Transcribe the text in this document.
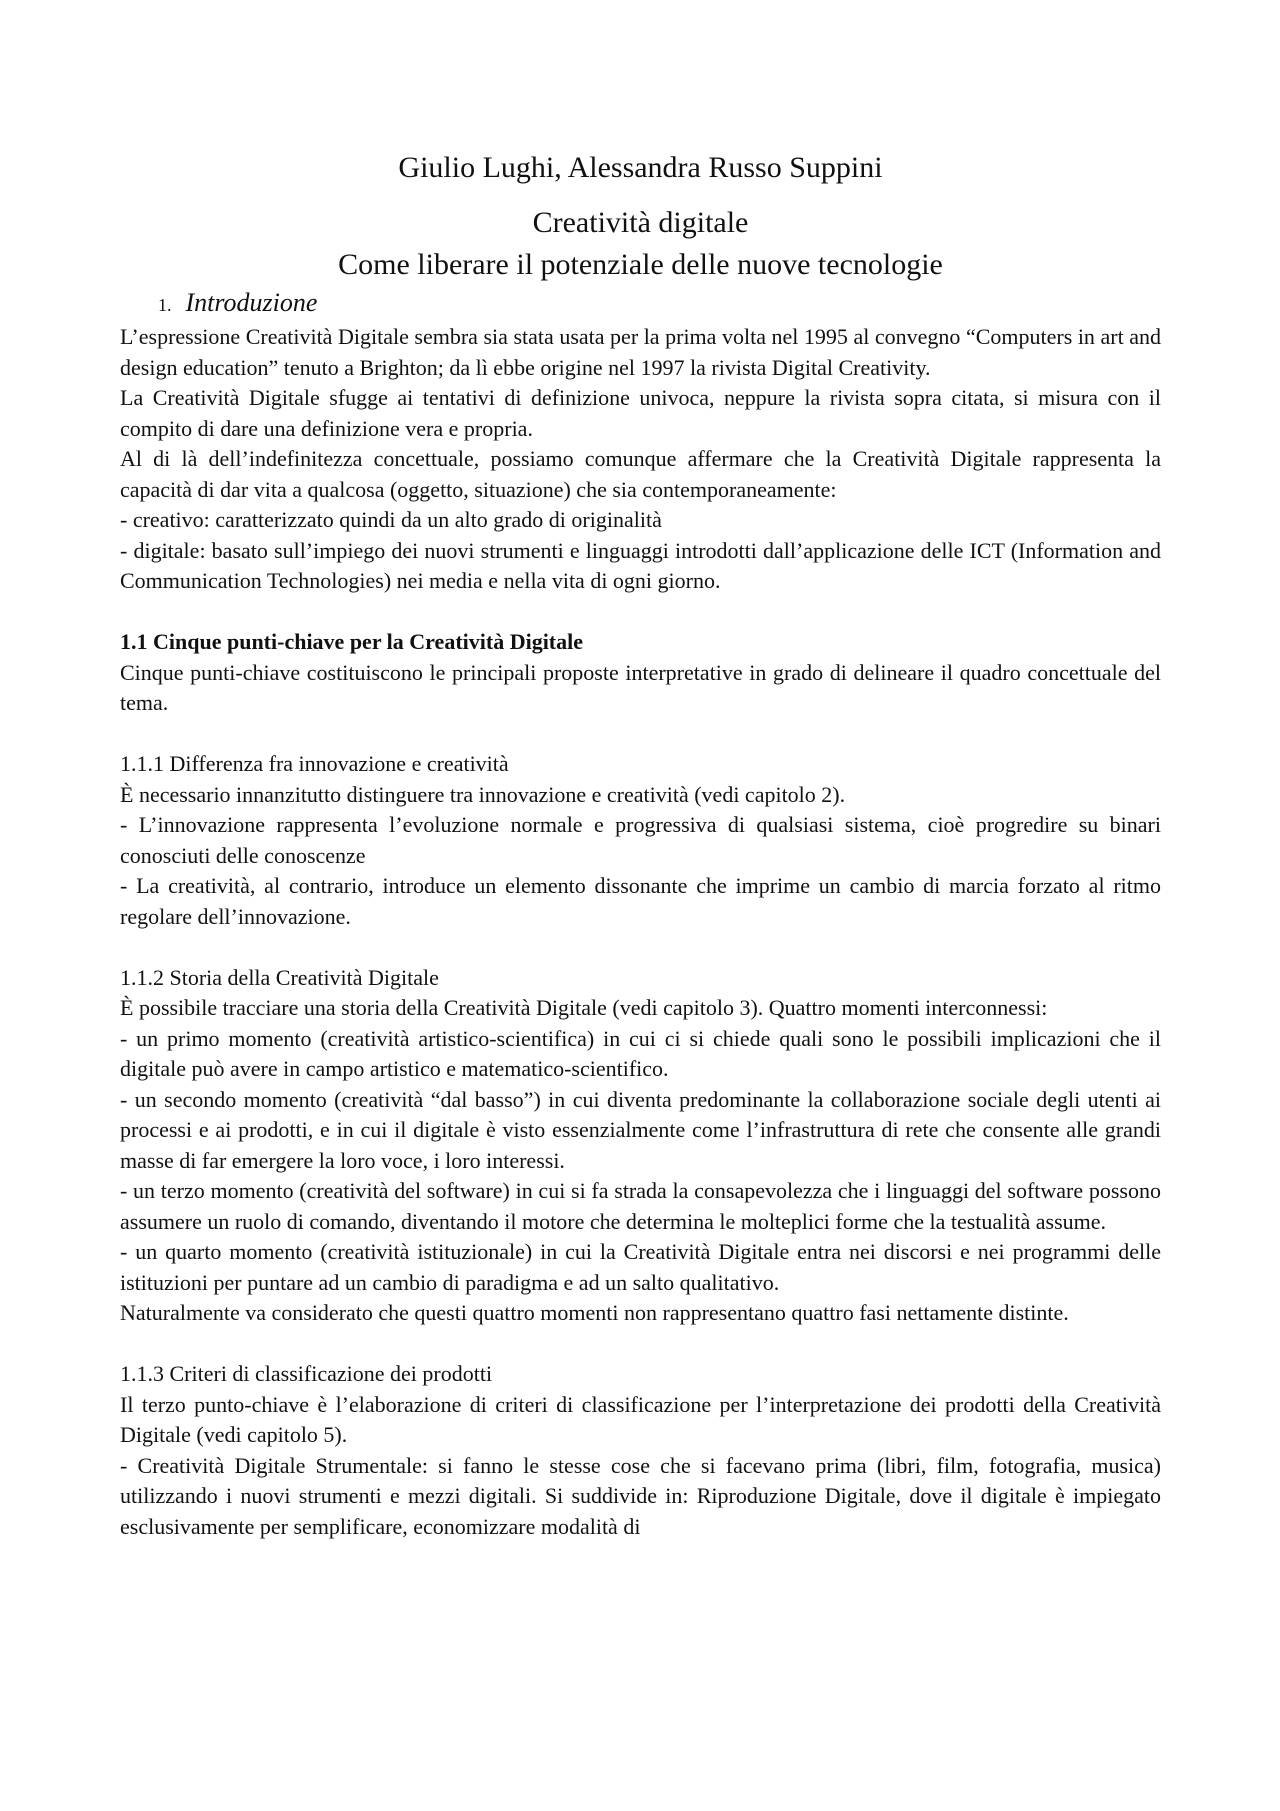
Giulio Lughi, Alessandra Russo Suppini
Creatività digitale
Come liberare il potenziale delle nuove tecnologie
1. Introduzione

L’espressione Creatività Digitale sembra sia stata usata per la prima volta nel 1995 al convegno “Computers in art and design education” tenuto a Brighton; da lì ebbe origine nel 1997 la rivista Digital Creativity.

La Creatività Digitale sfugge ai tentativi di definizione univoca, neppure la rivista sopra citata, si misura con il compito di dare una definizione vera e propria.

Al di là dell’indefinitezza concettuale, possiamo comunque affermare che la Creatività Digitale rappresenta la capacità di dar vita a qualcosa (oggetto, situazione) che sia contemporaneamente:

- creativo: caratterizzato quindi da un alto grado di originalità

- digitale: basato sull’impiego dei nuovi strumenti e linguaggi introdotti dall’applicazione delle ICT (Information and Communication Technologies) nei media e nella vita di ogni giorno.

1.1 Cinque punti-chiave per la Creatività Digitale

Cinque punti-chiave costituiscono le principali proposte interpretative in grado di delineare il quadro concettuale del tema.

1.1.1 Differenza fra innovazione e creatività

È necessario innanzitutto distinguere tra innovazione e creatività (vedi capitolo 2).

- L’innovazione rappresenta l’evoluzione normale e progressiva di qualsiasi sistema, cioè progredire su binari conosciuti delle conoscenze

- La creatività, al contrario, introduce un elemento dissonante che imprime un cambio di marcia forzato al ritmo regolare dell’innovazione.

1.1.2 Storia della Creatività Digitale

È possibile tracciare una storia della Creatività Digitale (vedi capitolo 3). Quattro momenti interconnessi:

- un primo momento (creatività artistico-scientifica) in cui ci si chiede quali sono le possibili implicazioni che il digitale può avere in campo artistico e matematico-scientifico.

- un secondo momento (creatività “dal basso”) in cui diventa predominante la collaborazione sociale degli utenti ai processi e ai prodotti, e in cui il digitale è visto essenzialmente come l’infrastruttura di rete che consente alle grandi masse di far emergere la loro voce, i loro interessi.

- un terzo momento (creatività del software) in cui si fa strada la consapevolezza che i linguaggi del software possono assumere un ruolo di comando, diventando il motore che determina le molteplici forme che la testualità assume.

- un quarto momento (creatività istituzionale) in cui la Creatività Digitale entra nei discorsi e nei programmi delle istituzioni per puntare ad un cambio di paradigma e ad un salto qualitativo.

Naturalmente va considerato che questi quattro momenti non rappresentano quattro fasi nettamente distinte.

1.1.3 Criteri di classificazione dei prodotti

Il terzo punto-chiave è l’elaborazione di criteri di classificazione per l’interpretazione dei prodotti della Creatività Digitale (vedi capitolo 5).

- Creatività Digitale Strumentale: si fanno le stesse cose che si facevano prima (libri, film, fotografia, musica) utilizzando i nuovi strumenti e mezzi digitali. Si suddivide in: Riproduzione Digitale, dove il digitale è impiegato esclusivamente per semplificare, economizzare modalità di
